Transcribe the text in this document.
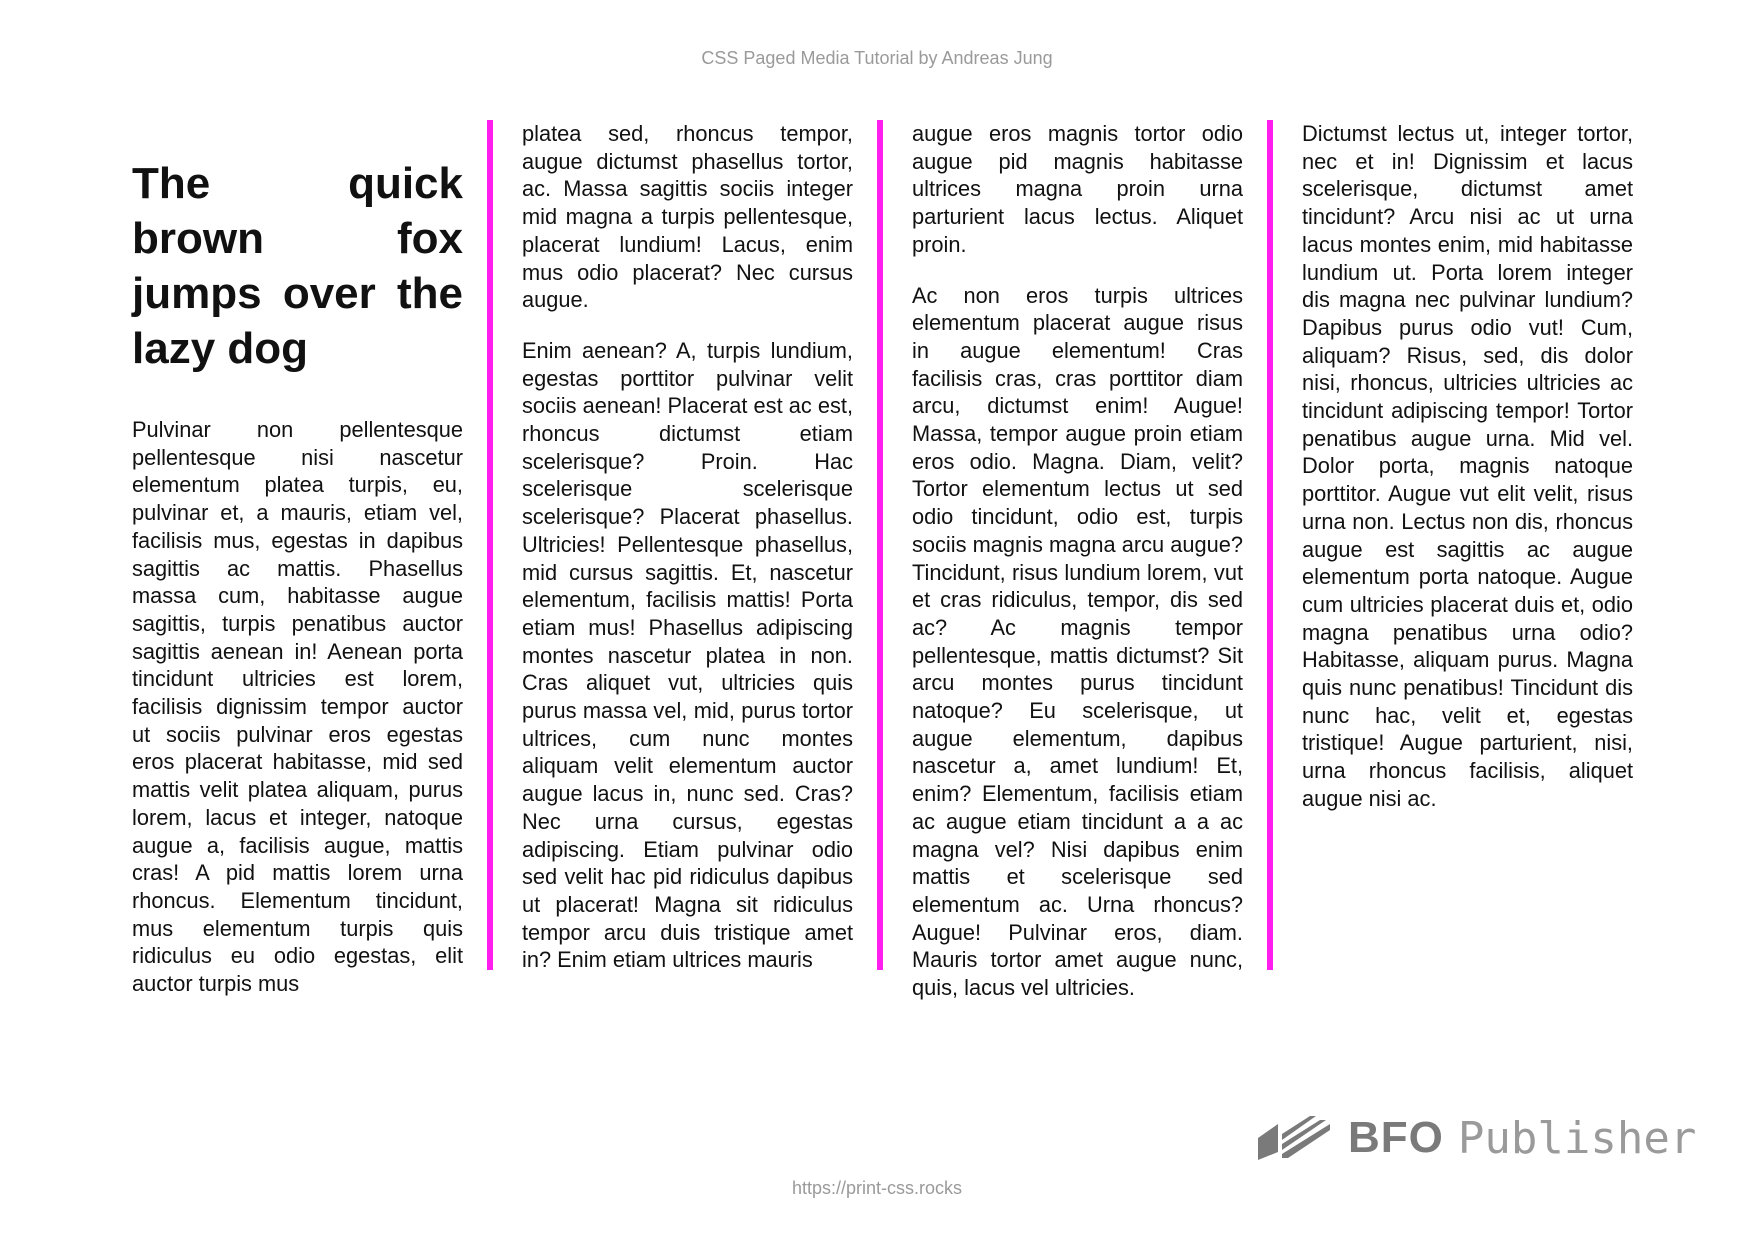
CSS Paged Media Tutorial by Andreas Jung
The quick brown fox jumps over the lazy dog

Pulvinar non pellentesque pellentesque nisi nascetur elementum platea turpis, eu, pulvinar et, a mauris, etiam vel, facilisis mus, egestas in dapibus sagittis ac mattis. Phasellus massa cum, habitasse augue sagittis, turpis penatibus auctor sagittis aenean in! Aenean porta tincidunt ultricies est lorem, facilisis dignissim tempor auctor ut sociis pulvinar eros egestas eros placerat habitasse, mid sed mattis velit platea aliquam, purus lorem, lacus et integer, natoque augue a, facilisis augue, mattis cras! A pid mattis lorem urna rhoncus. Elementum tincidunt, mus elementum turpis quis ridiculus eu odio egestas, elit auctor turpis mus

platea sed, rhoncus tempor, augue dictumst phasellus tortor, ac. Massa sagittis sociis integer mid magna a turpis pellentesque, placerat lundium! Lacus, enim mus odio placerat? Nec cursus augue.

Enim aenean? A, turpis lundium, egestas porttitor pulvinar velit sociis aenean! Placerat est ac est, rhoncus dictumst etiam scelerisque? Proin. Hac scelerisque scelerisque scelerisque? Placerat phasellus. Ultricies! Pellentesque phasellus, mid cursus sagittis. Et, nascetur elementum, facilisis mattis! Porta etiam mus! Phasellus adipiscing montes nascetur platea in non. Cras aliquet vut, ultricies quis purus massa vel, mid, purus tortor ultrices, cum nunc montes aliquam velit elementum auctor augue lacus in, nunc sed. Cras? Nec urna cursus, egestas adipiscing. Etiam pulvinar odio sed velit hac pid ridiculus dapibus ut placerat! Magna sit ridiculus tempor arcu duis tristique amet in? Enim etiam ultrices mauris

augue eros magnis tortor odio augue pid magnis habitasse ultrices magna proin urna parturient lacus lectus. Aliquet proin.

Ac non eros turpis ultrices elementum placerat augue risus in augue elementum! Cras facilisis cras, cras porttitor diam arcu, dictumst enim! Augue! Massa, tempor augue proin etiam eros odio. Magna. Diam, velit? Tortor elementum lectus ut sed odio tincidunt, odio est, turpis sociis magnis magna arcu augue? Tincidunt, risus lundium lorem, vut et cras ridiculus, tempor, dis sed ac? Ac magnis tempor pellentesque, mattis dictumst? Sit arcu montes purus tincidunt natoque? Eu scelerisque, ut augue elementum, dapibus nascetur a, amet lundium! Et, enim? Elementum, facilisis etiam ac augue etiam tincidunt a a ac magna vel? Nisi dapibus enim mattis et scelerisque sed elementum ac. Urna rhoncus? Augue! Pulvinar eros, diam. Mauris tortor amet augue nunc, quis, lacus vel ultricies.

Dictumst lectus ut, integer tortor, nec et in! Dignissim et lacus scelerisque, dictumst amet tincidunt? Arcu nisi ac ut urna lacus montes enim, mid habitasse lundium ut. Porta lorem integer dis magna nec pulvinar lundium? Dapibus purus odio vut! Cum, aliquam? Risus, sed, dis dolor nisi, rhoncus, ultricies ultricies ac tincidunt adipiscing tempor! Tortor penatibus augue urna. Mid vel. Dolor porta, magnis natoque porttitor. Augue vut elit velit, risus urna non. Lectus non dis, rhoncus augue est sagittis ac augue elementum porta natoque. Augue cum ultricies placerat duis et, odio magna penatibus urna odio? Habitasse, aliquam purus. Magna quis nunc penatibus! Tincidunt dis nunc hac, velit et, egestas tristique! Augue parturient, nisi, urna rhoncus facilisis, aliquet augue nisi ac.

BFO Publisher
https://print-css.rocks
